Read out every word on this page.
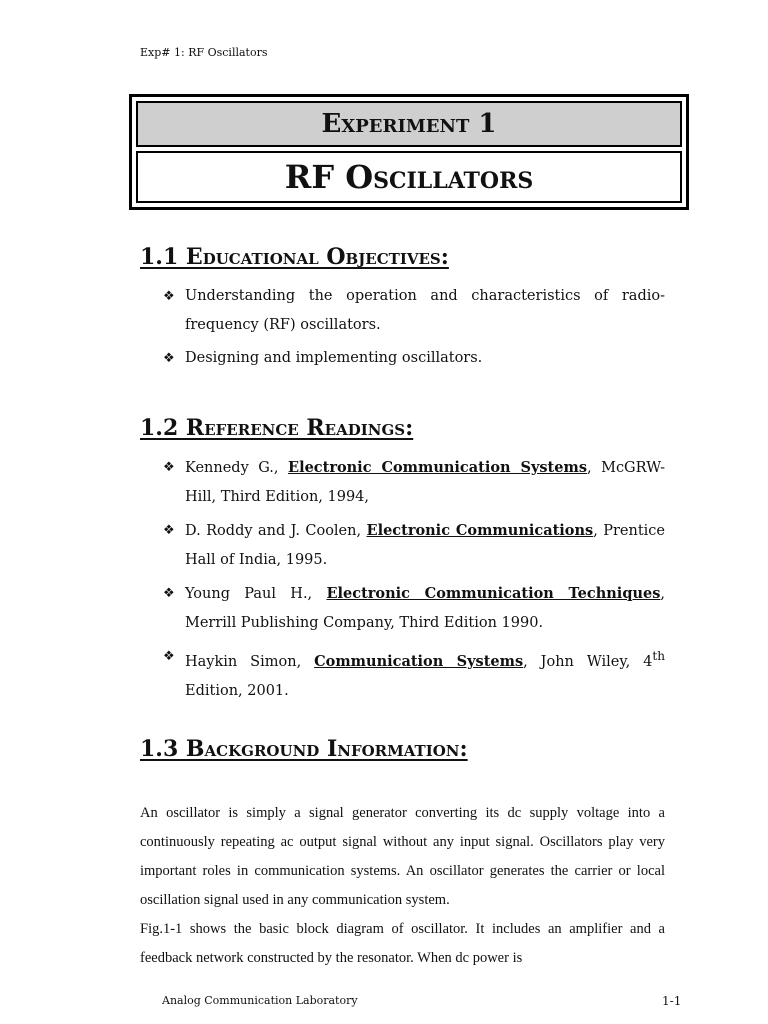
Exp# 1: RF Oscillators
Experiment 1
RF Oscillators
1.1 Educational Objectives:
❖ Understanding the operation and characteristics of radio-frequency (RF) oscillators.
❖ Designing and implementing oscillators.
1.2 Reference Readings:
❖ Kennedy G., Electronic Communication Systems, McGRW-Hill, Third Edition, 1994,
❖ D. Roddy and J. Coolen, Electronic Communications, Prentice Hall of India, 1995.
❖ Young Paul H., Electronic Communication Techniques, Merrill Publishing Company, Third Edition 1990.
❖ Haykin Simon, Communication Systems, John Wiley, 4th Edition, 2001.
1.3 Background Information:

An oscillator is simply a signal generator converting its dc supply voltage into a continuously repeating ac output signal without any input signal. Oscillators play very important roles in communication systems. An oscillator generates the carrier or local oscillation signal used in any communication system.

Fig.1-1 shows the basic block diagram of oscillator. It includes an amplifier and a feedback network constructed by the resonator. When dc power is

Analog Communication Laboratory	1-1
